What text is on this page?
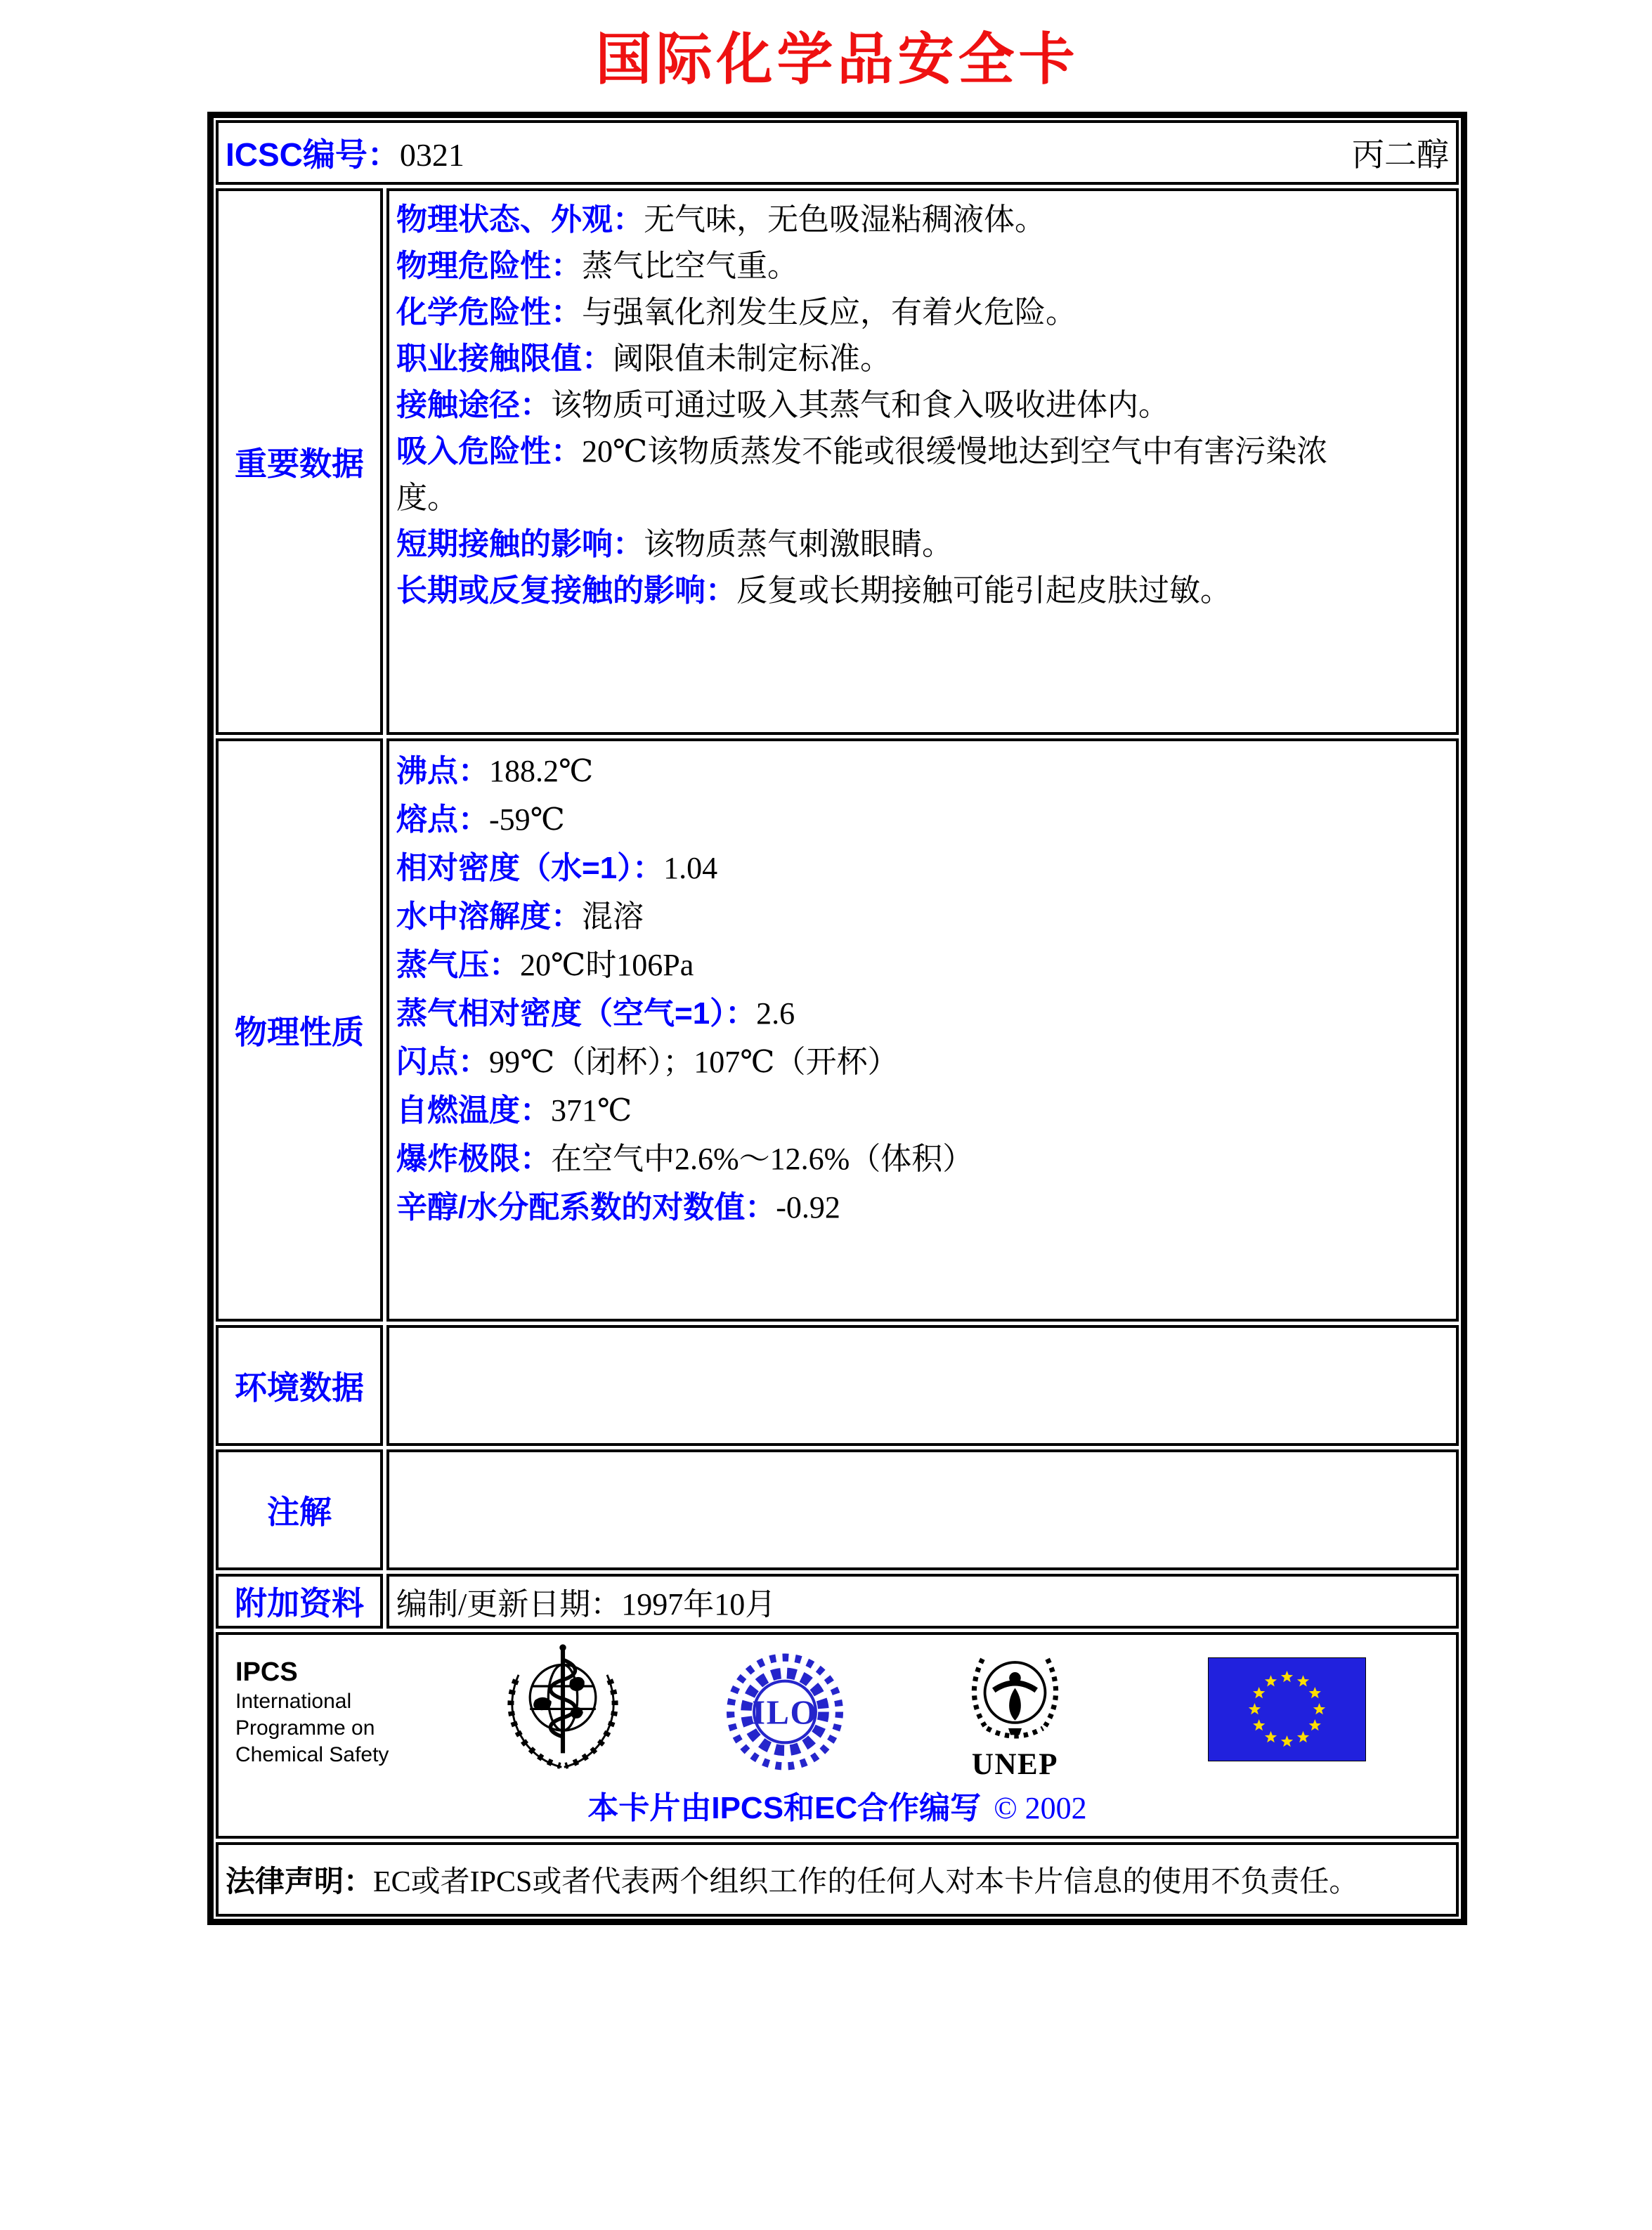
国际化学品安全卡
ICSC编号：0321	丙二醇
重要数据

物理状态、外观：无气味，无色吸湿粘稠液体。

物理危险性：蒸气比空气重。

化学危险性：与强氧化剂发生反应，有着火危险。

职业接触限值：阈限值未制定标准。

接触途径：该物质可通过吸入其蒸气和食入吸收进体内。

吸入危险性：20℃该物质蒸发不能或很缓慢地达到空气中有害污染浓度。

短期接触的影响：该物质蒸气刺激眼睛。

长期或反复接触的影响：反复或长期接触可能引起皮肤过敏。

物理性质

沸点：188.2℃

熔点：-59℃

相对密度（水=1）：1.04

水中溶解度：混溶

蒸气压：20℃时106Pa

蒸气相对密度（空气=1）：2.6

闪点：99℃（闭杯）；107℃（开杯）

自燃温度：371℃

爆炸极限：在空气中2.6%～12.6%（体积）

辛醇/水分配系数的对数值：-0.92

环境数据
注解
附加资料 编制/更新日期：1997年10月

IPCS
International
Programme on
Chemical Safety
ILO
UNEP
本卡片由IPCS和EC合作编写 © 2002

法律声明：EC或者IPCS或者代表两个组织工作的任何人对本卡片信息的使用不负责任。
